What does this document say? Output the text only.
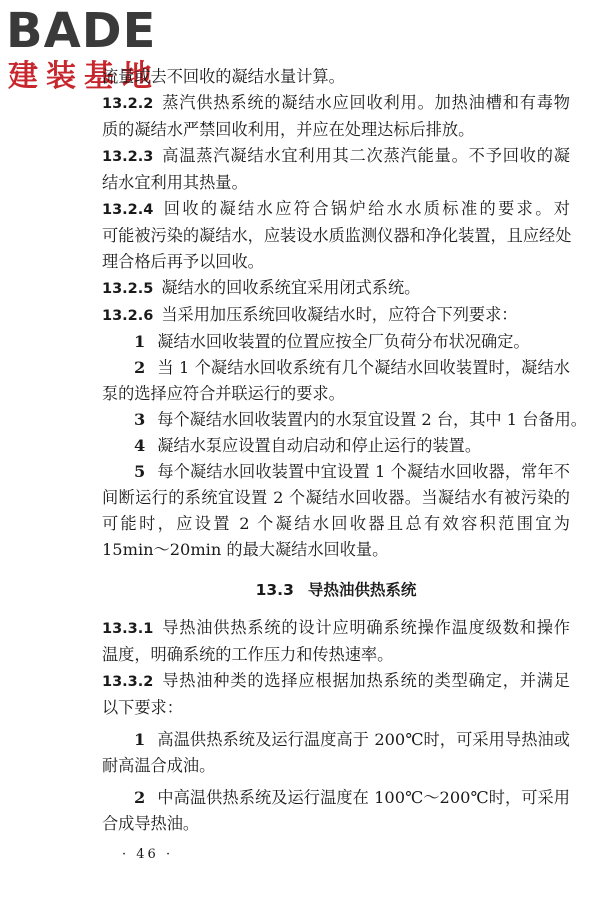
BADE
建装基地
流量或去不回收的凝结水量计算。
13.2.2 蒸汽供热系统的凝结水应回收利用。加热油槽和有毒物
质的凝结水严禁回收利用，并应在处理达标后排放。
13.2.3 高温蒸汽凝结水宜利用其二次蒸汽能量。不予回收的凝
结水宜利用其热量。
13.2.4 回收的凝结水应符合锅炉给水水质标准的要求。对
可能被污染的凝结水，应装设水质监测仪器和净化装置，且应经处
理合格后再予以回收。
13.2.5 凝结水的回收系统宜采用闭式系统。
13.2.6 当采用加压系统回收凝结水时，应符合下列要求：
1 凝结水回收装置的位置应按全厂负荷分布状况确定。
2 当 1 个凝结水回收系统有几个凝结水回收装置时，凝结水
泵的选择应符合并联运行的要求。
3 每个凝结水回收装置内的水泵宜设置 2 台，其中 1 台备用。
4 凝结水泵应设置自动启动和停止运行的装置。
5 每个凝结水回收装置中宜设置 1 个凝结水回收器，常年不
间断运行的系统宜设置 2 个凝结水回收器。当凝结水有被污染的
可能时，应设置 2 个凝结水回收器且总有效容积范围宜为
15min～20min 的最大凝结水回收量。
13.3 导热油供热系统
13.3.1 导热油供热系统的设计应明确系统操作温度级数和操作
温度，明确系统的工作压力和传热速率。
13.3.2 导热油种类的选择应根据加热系统的类型确定，并满足
以下要求：
1 高温供热系统及运行温度高于 200℃时，可采用导热油或
耐高温合成油。
2 中高温供热系统及运行温度在 100℃～200℃时，可采用
合成导热油。
· 46 ·
